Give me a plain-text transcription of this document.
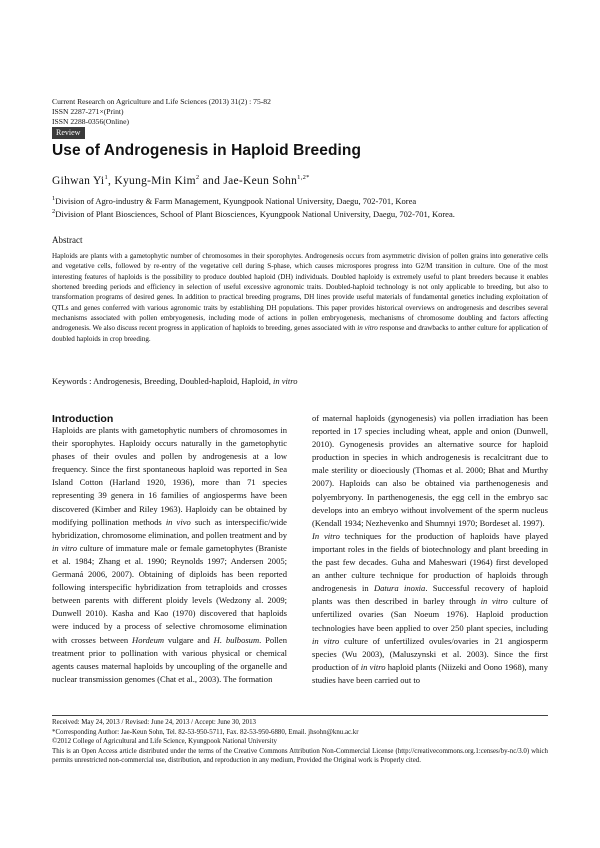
Current Research on Agriculture and Life Sciences (2013) 31(2) : 75-82
ISSN 2287-271×(Print)
ISSN 2288-0356(Online)
Review
Use of Androgenesis in Haploid Breeding
Gihwan Yi$^1$, Kyung-Min Kim$^2$ and Jae-Keun Sohn$^{1,2*}$
$^1$Division of Agro-industry & Farm Management, Kyungpook National University, Daegu, 702-701, Korea
$^2$Division of Plant Biosciences, School of Plant Biosciences, Kyungpook National University, Daegu, 702-701, Korea.
Abstract
Haploids are plants with a gametophytic number of chromosomes in their sporophytes. Androgenesis occurs from asymmetric division of pollen grains into generative cells and vegetative cells, followed by re-entry of the vegetative cell during S-phase, which causes microspores progress into G2/M transition in culture. One of the most interesting features of haploids is the possibility to produce doubled haploid (DH) individuals. Doubled haploidy is extremely useful to plant breeders because it enables shortened breeding periods and efficiency in selection of useful excessive agronomic traits. Doubled-haploid technology is not only applicable to breeding, but also to transformation programs of desired genes. In addition to practical breeding programs, DH lines provide useful materials of fundamental genetics including exploitation of QTLs and genes conferred with various agronomic traits by establishing DH populations. This paper provides historical overviews on androgenesis and describes several mechanisms associated with pollen embryogenesis, including mode of actions in pollen embryogenesis, mechanisms of chromosome doubling and factors affecting androgenesis. We also discuss recent progress in application of haploids to breeding, genes associated with in vitro response and drawbacks to anther culture for application of doubled haploids in crop breeding.
Keywords : Androgenesis, Breeding, Doubled-haploid, Haploid, in vitro
Introduction

Haploids are plants with gametophytic numbers of chromosomes in their sporophytes. Haploidy occurs naturally in the gametophytic phases of their ovules and pollen by androgenesis at a low frequency. Since the first spontaneous haploid was reported in Sea Island Cotton (Harland 1920, 1936), more than 71 species representing 39 genera in 16 families of angiosperms have been discovered (Kimber and Riley 1963). Haploidy can be obtained by modifying pollination methods in vivo such as interspecific/wide hybridization, chromosome elimination, and pollen treatment and by in vitro culture of immature male or female gametophytes (Braniste et al. 1984; Zhang et al. 1990; Reynolds 1997; Andersen 2005; Germaná 2006, 2007). Obtaining of diploids has been reported following interspecific hybridization from tetraploids and crosses between parents with different ploidy levels (Wedzony al. 2009; Dunwell 2010). Kasha and Kao (1970) discovered that haploids were induced by a process of selective chromosome elimination with crosses between Hordeum vulgare and H. bulbosum. Pollen treatment prior to pollination with various physical or chemical agents causes maternal haploids by uncoupling of the organelle and nuclear transmission genomes (Chat et al., 2003). The formation

of maternal haploids (gynogenesis) via pollen irradiation has been reported in 17 species including wheat, apple and onion (Dunwell, 2010). Gynogenesis provides an alternative source for haploid production in species in which androgenesis is recalcitrant due to male sterility or dioeciously (Thomas et al. 2000; Bhat and Murthy 2007). Haploids can also be obtained via parthenogenesis and polyembryony. In parthenogenesis, the egg cell in the embryo sac develops into an embryo without involvement of the sperm nucleus (Kendall 1934; Nezhevenko and Shumnyi 1970; Bordeset al. 1997).

In vitro techniques for the production of haploids have played important roles in the fields of biotechnology and plant breeding in the past few decades. Guha and Maheswari (1964) first developed an anther culture technique for production of haploids through androgenesis in Datura inoxia. Successful recovery of haploid plants was then described in barley through in vitro culture of unfertilized ovaries (San Noeum 1976). Haploid production technologies have been applied to over 250 plant species, including in vitro culture of unfertilized ovules/ovaries in 21 angiosperm species (Wu 2003), (Maluszynski et al. 2003). Since the first production of in vitro haploid plants (Niizeki and Oono 1968), many studies have been carried out to

Received: May 24, 2013 / Revised: June 24, 2013 / Accept: June 30, 2013

*Corresponding Author: Jae-Keun Sohn, Tel. 82-53-950-5711, Fax. 82-53-950-6880, Email. jhsohn@knu.ac.kr

©2012 College of Agricultural and Life Science, Kyungpook National University

This is an Open Access article distributed under the terms of the Creative Commons Attribution Non-Commercial License (http://creativecommons.org.1:censes/by-nc/3.0) which permits unrestricted non-commercial use, distribution, and reproduction in any medium, Provided the Original work is Properly cited.
